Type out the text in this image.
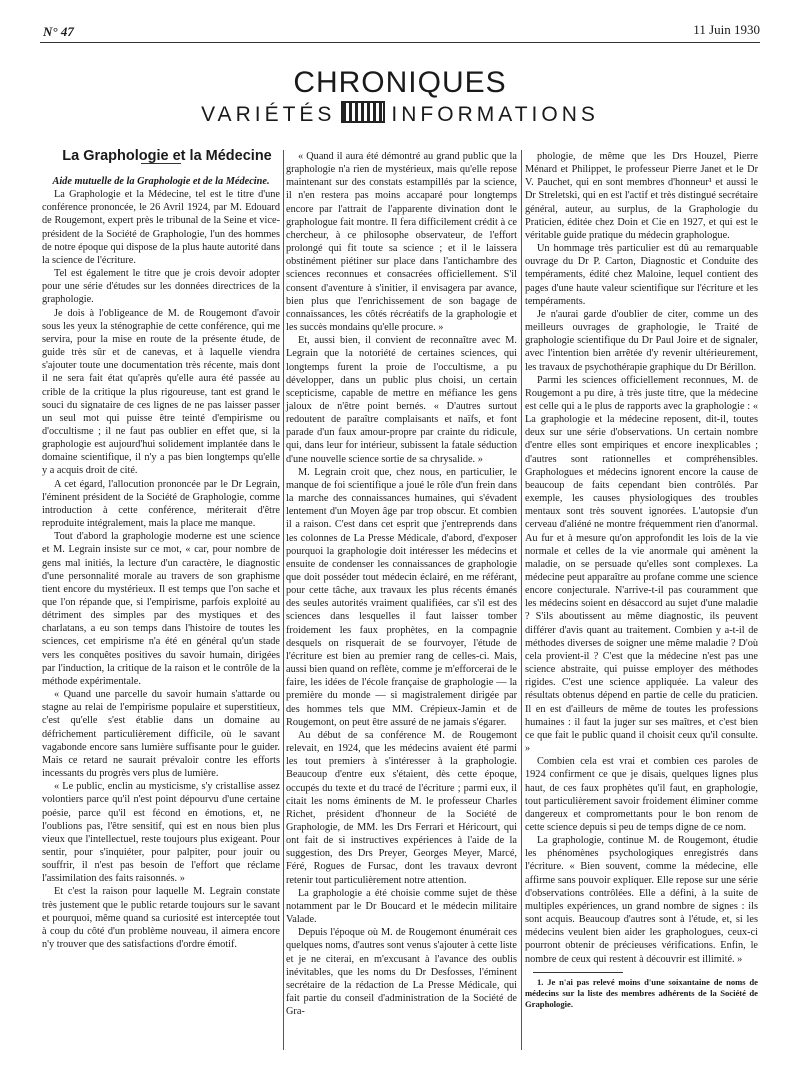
N° 47	11 Juin 1930
CHRONIQUES
VARIÉTÉS	INFORMATIONS

La Graphologie et la Médecine

Aide mutuelle de la Graphologie et de la Médecine.

La Graphologie et la Médecine, tel est le titre d'une conférence prononcée, le 26 Avril 1924, par M. Edouard de Rougemont, expert près le tribunal de la Seine et vice-président de la Société de Graphologie, l'un des hommes de notre époque qui dispose de la plus haute autorité dans la science de l'écriture.

Tel est également le titre que je crois devoir adopter pour une série d'études sur les données directrices de la graphologie.

Je dois à l'obligeance de M. de Rougemont d'avoir sous les yeux la sténographie de cette conférence, qui me servira, pour la mise en route de la présente étude, de guide très sûr et de canevas, et à laquelle viendra s'ajouter toute une documentation très récente, mais dont il ne sera fait état qu'après qu'elle aura été passée au crible de la critique la plus rigoureuse, tant est grand le souci du signataire de ces lignes de ne pas laisser passer un seul mot qui puisse être teinté d'empirisme ou d'occultisme ; il ne faut pas oublier en effet que, si la graphologie est aujourd'hui solidement implantée dans le domaine scientifique, il n'y a pas bien longtemps qu'elle y a acquis droit de cité.

A cet égard, l'allocution prononcée par le Dr Legrain, l'éminent président de la Société de Graphologie, comme introduction à cette conférence, mériterait d'être reproduite intégralement, mais la place me manque.

Tout d'abord la graphologie moderne est une science et M. Legrain insiste sur ce mot, « car, pour nombre de gens mal initiés, la lecture d'un caractère, le diagnostic d'une personnalité morale au travers de son graphisme tient encore du mystérieux. Il est temps que l'on sache et que l'on répande que, si l'empirisme, parfois exploité au détriment des simples par des mystiques et des charlatans, a eu son temps dans l'histoire de toutes les sciences, cet empirisme n'a été en général qu'un stade vers les conquêtes positives du savoir humain, dirigées par l'induction, la critique de la raison et le contrôle de la méthode expérimentale.

« Quand une parcelle du savoir humain s'attarde ou stagne au relai de l'empirisme populaire et superstitieux, c'est qu'elle s'est établie dans un domaine au défrichement particulièrement difficile, où le savant vagabonde encore sans lumière suffisante pour le guider. Mais ce retard ne saurait prévaloir contre les efforts incessants du progrès vers plus de lumière.

« Le public, enclin au mysticisme, s'y cristallise assez volontiers parce qu'il n'est point dépourvu d'une certaine poésie, parce qu'il est fécond en émotions, et, ne l'oublions pas, l'être sensitif, qui est en nous bien plus vieux que l'intellectuel, reste toujours plus exigeant. Pour sentir, pour s'inquiéter, pour palpiter, pour jouir ou souffrir, il n'est pas besoin de l'effort que réclame l'assimilation des faits raisonnés. »

Et c'est la raison pour laquelle M. Legrain constate très justement que le public retarde toujours sur le savant et pourquoi, même quand sa curiosité est interceptée tout à coup du côté d'un problème nouveau, il aimera encore n'y trouver que des satisfactions d'ordre émotif.

« Quand il aura été démontré au grand public que la graphologie n'a rien de mystérieux, mais qu'elle repose maintenant sur des constats estampillés par la science, il n'en restera pas moins accaparé pour longtemps encore par l'attrait de l'apparente divination dont le graphologue fait montre. Il fera difficilement crédit à ce chercheur, à ce philosophe observateur, de l'effort prolongé qui fit toute sa science ; et il le laissera obstinément piétiner sur place dans l'antichambre des sciences reconnues et consacrées officiellement. S'il consent d'aventure à s'initier, il envisagera par avance, bien plus que l'enrichissement de son bagage de connaissances, les côtés récréatifs de la graphologie et les succès mondains qu'elle procure. »

Et, aussi bien, il convient de reconnaître avec M. Legrain que la notoriété de certaines sciences, qui longtemps furent la proie de l'occultisme, a pu développer, dans un public plus choisi, un certain scepticisme, capable de mettre en méfiance les gens jaloux de n'être point bernés. « D'autres surtout redoutent de paraître complaisants et naïfs, et font parade d'un faux amour-propre par crainte du ridicule, qui, dans leur for intérieur, subissent la fatale séduction d'une nouvelle science sortie de sa chrysalide. »

M. Legrain croit que, chez nous, en particulier, le manque de foi scientifique a joué le rôle d'un frein dans la marche des connaissances humaines, qui s'évadent lentement d'un Moyen âge par trop obscur. Et combien il a raison. C'est dans cet esprit que j'entreprends dans les colonnes de La Presse Médicale, d'abord, d'exposer pourquoi la graphologie doit intéresser les médecins et ensuite de condenser les connaissances de graphologie que doit posséder tout médecin éclairé, en me référant, pour cette tâche, aux travaux les plus récents émanés des seules autorités vraiment qualifiées, car s'il est des sciences dans lesquelles il faut laisser tomber froidement les faux prophètes, en la compagnie desquels on risquerait de se fourvoyer, l'étude de l'écriture est bien au premier rang de celles-ci. Mais, aussi bien quand on reflète, comme je m'efforcerai de le faire, les idées de l'école française de graphologie — la première du monde — si magistralement dirigée par des hommes tels que MM. Crépieux-Jamin et de Rougemont, on peut être assuré de ne jamais s'égarer.

Au début de sa conférence M. de Rougemont relevait, en 1924, que les médecins avaient été parmi les tout premiers à s'intéresser à la graphologie. Beaucoup d'entre eux s'étaient, dès cette époque, occupés du texte et du tracé de l'écriture ; parmi eux, il citait les noms éminents de M. le professeur Charles Richet, président d'honneur de la Société de Graphologie, de MM. les Drs Ferrari et Héricourt, qui ont fait de si instructives expériences à l'aide de la suggestion, des Drs Preyer, Georges Meyer, Marcé, Féré, Rogues de Fursac, dont les travaux devront retenir tout particulièrement notre attention.

La graphologie a été choisie comme sujet de thèse notamment par le Dr Boucard et le médecin militaire Valade.

Depuis l'époque où M. de Rougemont énumérait ces quelques noms, d'autres sont venus s'ajouter à cette liste et je ne citerai, en m'excusant à l'avance des oublis inévitables, que les noms du Dr Desfosses, l'éminent secrétaire de la rédaction de La Presse Médicale, qui fait partie du conseil d'administration de la Société de Gra-

phologie, de même que les Drs Houzel, Pierre Ménard et Philippet, le professeur Pierre Janet et le Dr V. Pauchet, qui en sont membres d'honneur¹ et aussi le Dr Streletski, qui en est l'actif et très distingué secrétaire général, auteur, au surplus, de la Graphologie du Praticien, éditée chez Doin et Cie en 1927, et qui est le véritable guide pratique du médecin graphologue.

Un hommage très particulier est dû au remarquable ouvrage du Dr P. Carton, Diagnostic et Conduite des tempéraments, édité chez Maloine, lequel contient des pages d'une haute valeur scientifique sur l'écriture et les tempéraments.

Je n'aurai garde d'oublier de citer, comme un des meilleurs ouvrages de graphologie, le Traité de graphologie scientifique du Dr Paul Joire et de signaler, avec l'intention bien arrêtée d'y revenir ultérieurement, les travaux de psychothérapie graphique du Dr Bérillon.

Parmi les sciences officiellement reconnues, M. de Rougemont a pu dire, à très juste titre, que la médecine est celle qui a le plus de rapports avec la graphologie : « La graphologie et la médecine reposent, dit-il, toutes deux sur une série d'observations. Un certain nombre d'entre elles sont empiriques et encore inexplicables ; d'autres sont rationnelles et compréhensibles. Graphologues et médecins ignorent encore la cause de beaucoup de faits cependant bien contrôlés. Par exemple, les causes physiologiques des troubles mentaux sont très souvent ignorées. L'autopsie d'un cerveau d'aliéné ne montre fréquemment rien d'anormal. Au fur et à mesure qu'on approfondit les lois de la vie normale et celles de la vie anormale qui amènent la maladie, on se persuade qu'elles sont complexes. La médecine peut apparaître au profane comme une science encore conjecturale. N'arrive-t-il pas couramment que les médecins soient en désaccord au sujet d'une maladie ? S'ils aboutissent au même diagnostic, ils peuvent différer d'avis quant au traitement. Combien y a-t-il de méthodes diverses de soigner une même maladie ? D'où cela provient-il ? C'est que la médecine n'est pas une science abstraite, qui puisse employer des méthodes rigides. C'est une science appliquée. La valeur des résultats obtenus dépend en partie de celle du praticien. Il en est d'ailleurs de même de toutes les professions humaines : il faut la juger sur ses maîtres, et c'est bien ce que fait le public quand il choisit ceux qu'il consulte. »

Combien cela est vrai et combien ces paroles de 1924 confirment ce que je disais, quelques lignes plus haut, de ces faux prophètes qu'il faut, en graphologie, tout particulièrement savoir froidement éliminer comme dangereux et compromettants pour le bon renom de cette science depuis si peu de temps digne de ce nom.

La graphologie, continue M. de Rougemont, étudie les phénomènes psychologiques enregistrés dans l'écriture. « Bien souvent, comme la médecine, elle affirme sans pouvoir expliquer. Elle repose sur une série d'observations contrôlées. Elle a défini, à la suite de multiples expériences, un grand nombre de signes : ils sont acquis. Beaucoup d'autres sont à l'étude, et, si les médecins veulent bien aider les graphologues, ceux-ci pourront obtenir de précieuses vérifications. Enfin, le nombre de ceux qui restent à découvrir est illimité. »

1. Je n'ai pas relevé moins d'une soixantaine de noms de médecins sur la liste des membres adhérents de la Société de Graphologie.
